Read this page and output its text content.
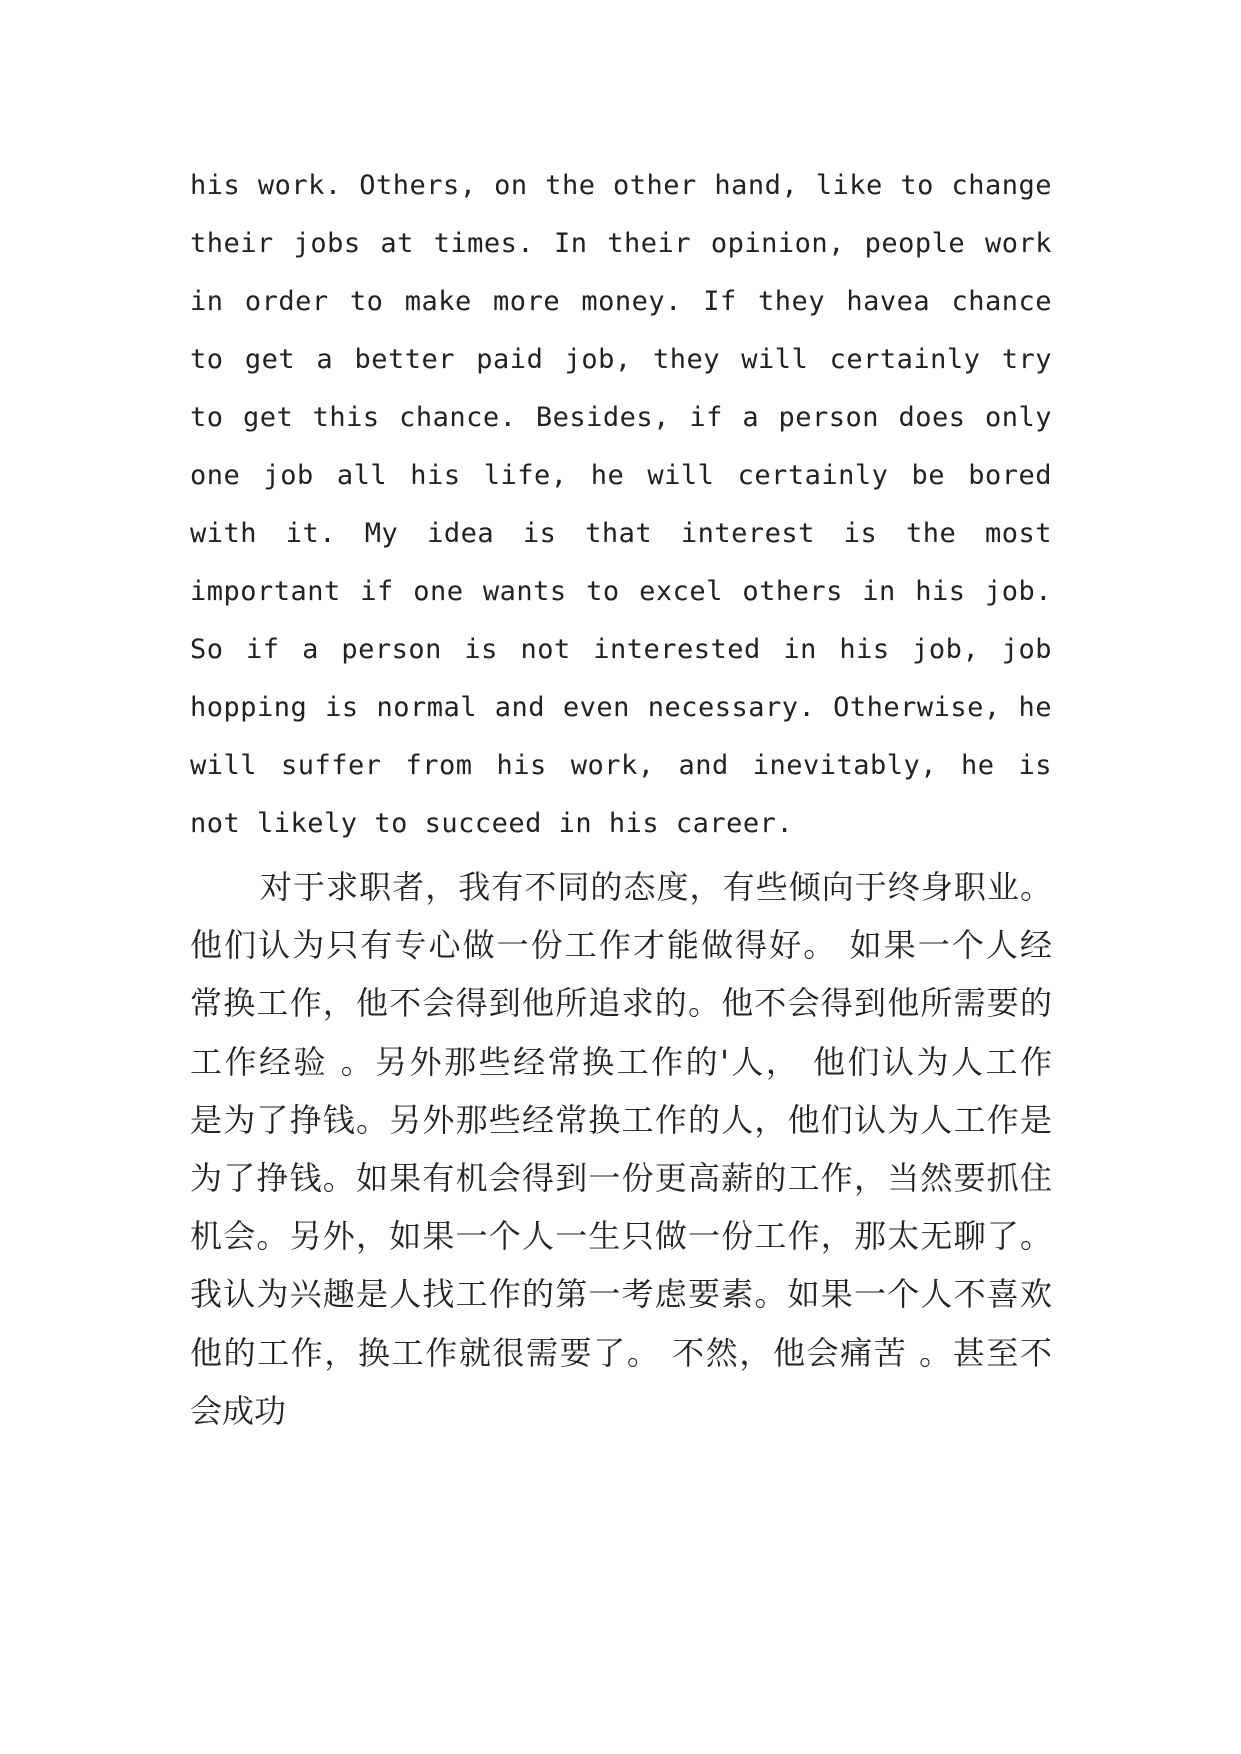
his work. Others, on the other hand, like to change
their jobs at times. In their opinion, people work
in order to make more money. If they havea chance
to get a better paid job, they will certainly try
to get this chance. Besides, if a person does only
one job all his life, he will certainly be bored
with it. My idea is that interest is the most
important if one wants to excel others in his job.
So if a person is not interested in his job, job
hopping is normal and even necessary. Otherwise, he
will suffer from his work, and inevitably, he is
not likely to succeed in his career.
对于求职者，我有不同的态度，有些倾向于终身职业。
他们认为只有专心做一份工作才能做得好。 如果一个人经
常换工作，他不会得到他所追求的。他不会得到他所需要的
工作经验 。另外那些经常换工作的'人， 他们认为人工作
是为了挣钱。另外那些经常换工作的人，他们认为人工作是
为了挣钱。如果有机会得到一份更高薪的工作，当然要抓住
机会。另外，如果一个人一生只做一份工作，那太无聊了。
我认为兴趣是人找工作的第一考虑要素。如果一个人不喜欢
他的工作，换工作就很需要了。 不然，他会痛苦 。甚至不
会成功
